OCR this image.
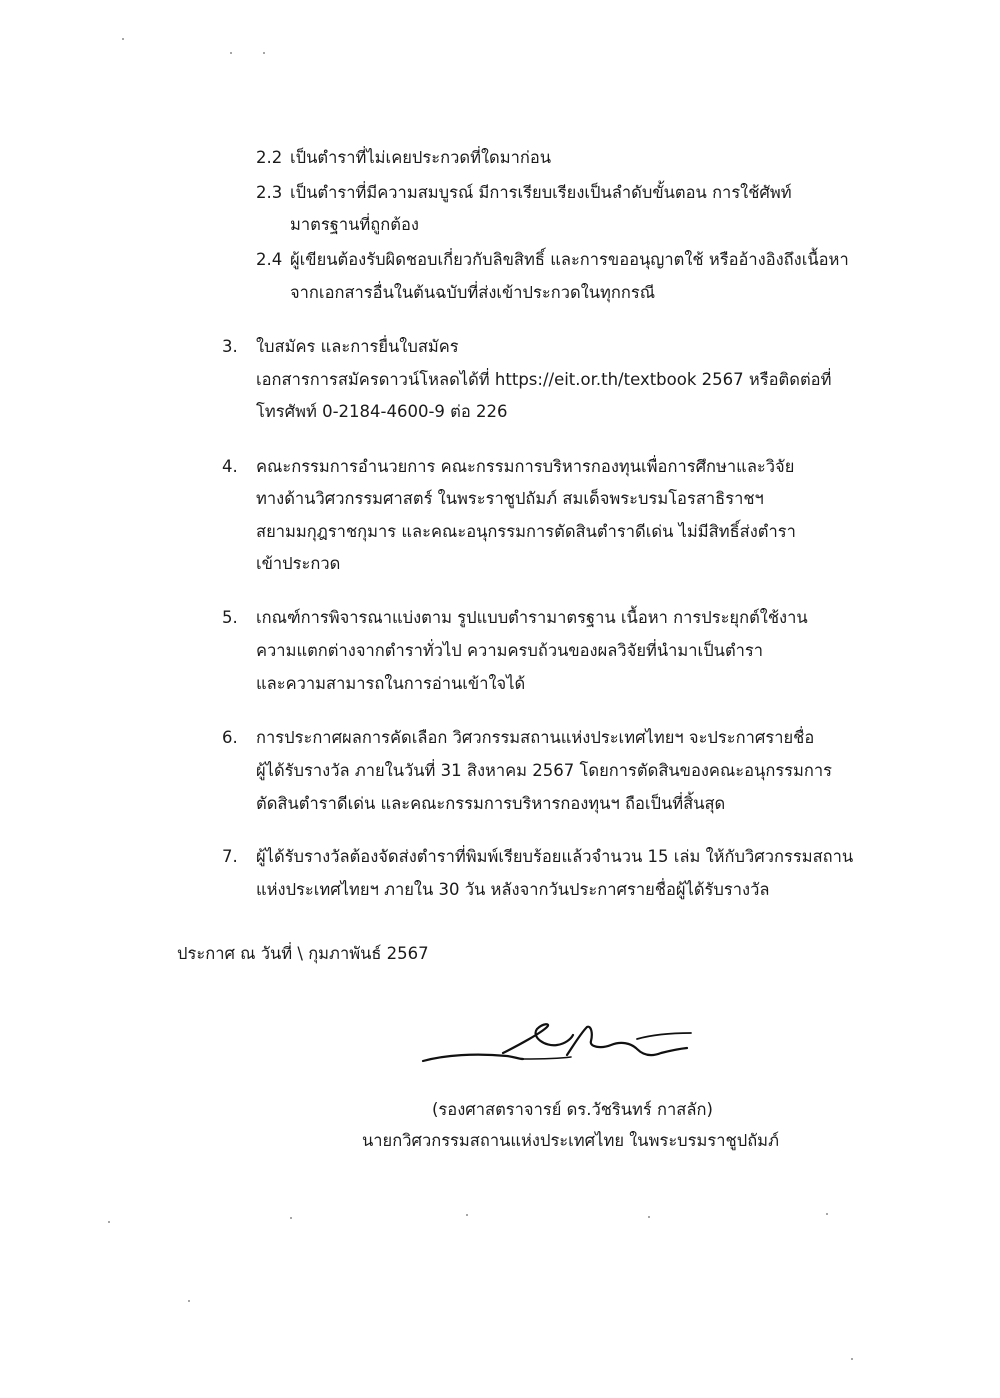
2.2 เป็นตำราที่ไม่เคยประกวดที่ใดมาก่อน
2.3 เป็นตำราที่มีความสมบูรณ์ มีการเรียบเรียงเป็นลำดับขั้นตอน การใช้ศัพท์
มาตรฐานที่ถูกต้อง
2.4 ผู้เขียนต้องรับผิดชอบเกี่ยวกับลิขสิทธิ์ และการขออนุญาตใช้ หรืออ้างอิงถึงเนื้อหา
จากเอกสารอื่นในต้นฉบับที่ส่งเข้าประกวดในทุกกรณี
3. ใบสมัคร และการยื่นใบสมัคร
เอกสารการสมัครดาวน์โหลดได้ที่ https://eit.or.th/textbook 2567 หรือติดต่อที่
โทรศัพท์ 0-2184-4600-9 ต่อ 226
4. คณะกรรมการอำนวยการ คณะกรรมการบริหารกองทุนเพื่อการศึกษาและวิจัย
ทางด้านวิศวกรรมศาสตร์ ในพระราชูปถัมภ์ สมเด็จพระบรมโอรสาธิราชฯ
สยามมกุฎราชกุมาร และคณะอนุกรรมการตัดสินตำราดีเด่น ไม่มีสิทธิ์ส่งตำรา
เข้าประกวด
5. เกณฑ์การพิจารณาแบ่งตาม รูปแบบตำรามาตรฐาน เนื้อหา การประยุกต์ใช้งาน
ความแตกต่างจากตำราทั่วไป ความครบถ้วนของผลวิจัยที่นำมาเป็นตำรา
และความสามารถในการอ่านเข้าใจได้
6. การประกาศผลการคัดเลือก วิศวกรรมสถานแห่งประเทศไทยฯ จะประกาศรายชื่อ
ผู้ได้รับรางวัล ภายในวันที่ 31 สิงหาคม 2567 โดยการตัดสินของคณะอนุกรรมการ
ตัดสินตำราดีเด่น และคณะกรรมการบริหารกองทุนฯ ถือเป็นที่สิ้นสุด
7. ผู้ได้รับรางวัลต้องจัดส่งตำราที่พิมพ์เรียบร้อยแล้วจำนวน 15 เล่ม ให้กับวิศวกรรมสถาน
แห่งประเทศไทยฯ ภายใน 30 วัน หลังจากวันประกาศรายชื่อผู้ได้รับรางวัล
ประกาศ ณ วันที่ \ กุมภาพันธ์ 2567
(รองศาสตราจารย์ ดร.วัชรินทร์ กาสลัก)
นายกวิศวกรรมสถานแห่งประเทศไทย ในพระบรมราชูปถัมภ์
